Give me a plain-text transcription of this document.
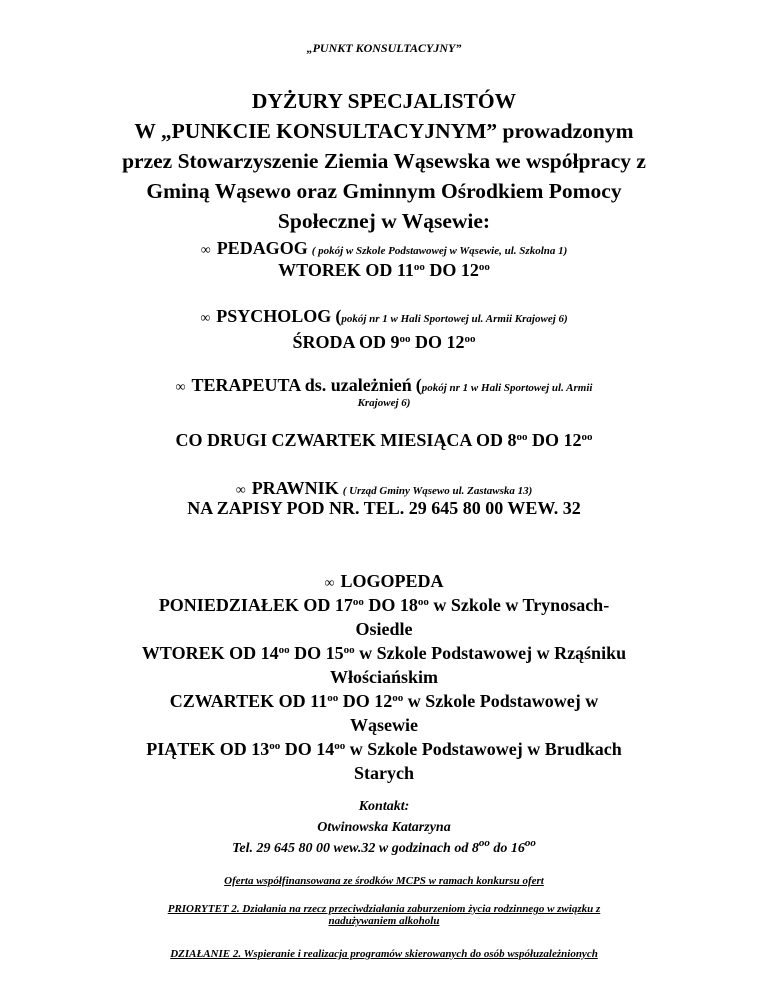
„PUNKT KONSULTACYJNY”
DYŻURY SPECJALISTÓW
W „PUNKCIE KONSULTACYJNYM” prowadzonym
przez Stowarzyszenie Ziemia Wąsewska we współpracy z
Gminą Wąsewo oraz Gminnym Ośrodkiem Pomocy
Społecznej w Wąsewie:
∞ PEDAGOG ( pokój w Szkole Podstawowej w Wąsewie, ul. Szkolna 1)
WTOREK OD $11^{oo}$ DO $12^{oo}$
∞ PSYCHOLOG (pokój nr 1 w Hali Sportowej ul. Armii Krajowej 6)
ŚRODA OD $9^{oo}$ DO $12^{oo}$
∞ TERAPEUTA ds. uzależnień (pokój nr 1 w Hali Sportowej ul. Armii
Krajowej 6)
CO DRUGI CZWARTEK MIESIĄCA OD $8^{oo}$ DO $12^{oo}$
∞ PRAWNIK ( Urząd Gminy Wąsewo ul. Zastawska 13)
NA ZAPISY POD NR. TEL. 29 645 80 00 WEW. 32
∞ LOGOPEDA
PONIEDZIAŁEK OD $17^{oo}$ DO $18^{oo}$ w Szkole w Trynosach-
Osiedle
WTOREK OD $14^{oo}$ DO $15^{oo}$ w Szkole Podstawowej w Rząśniku
Włościańskim
CZWARTEK OD $11^{oo}$ DO $12^{oo}$ w Szkole Podstawowej w
Wąsewie
PIĄTEK OD $13^{oo}$ DO $14^{oo}$ w Szkole Podstawowej w Brudkach
Starych
Kontakt:
Otwinowska Katarzyna
Tel. 29 645 80 00 wew.32 w godzinach od $8^{oo}$ do $16^{oo}$
Oferta współfinansowana ze środków MCPS w ramach konkursu ofert
PRIORYTET 2. Działania na rzecz przeciwdziałania zaburzeniom życia rodzinnego w związku z
nadużywaniem alkoholu
DZIAŁANIE 2. Wspieranie i realizacja programów skierowanych do osób współuzależnionych
